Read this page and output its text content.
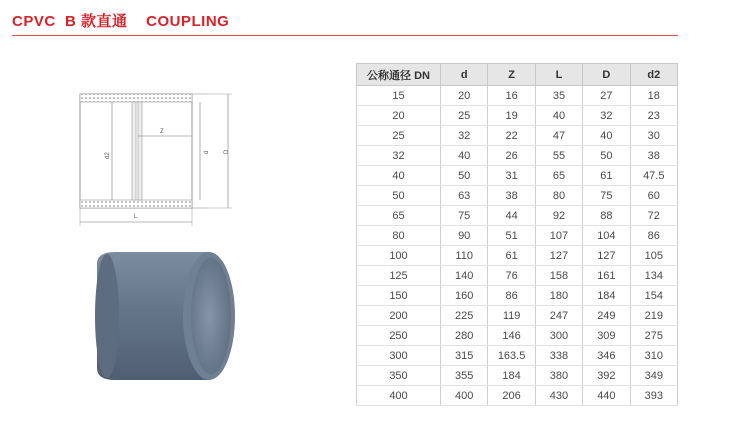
CPVC  B 款直通    COUPLING
Z
d2	d D
L
公称通径 DN	d	Z	L	D	d2
15	20	16	35	27	18
20	25	19	40	32	23
25	32	22	47	40	30
32	40	26	55	50	38
40	50	31	65	61	47.5
50	63	38	80	75	60
65	75	44	92	88	72
80	90	51	107	104	86
100	110	61	127	127	105
125	140	76	158	161	134
150	160	86	180	184	154
200	225	119	247	249	219
250	280	146	300	309	275
300	315	163.5	338	346	310
350	355	184	380	392	349
400	400	206	430	440	393
